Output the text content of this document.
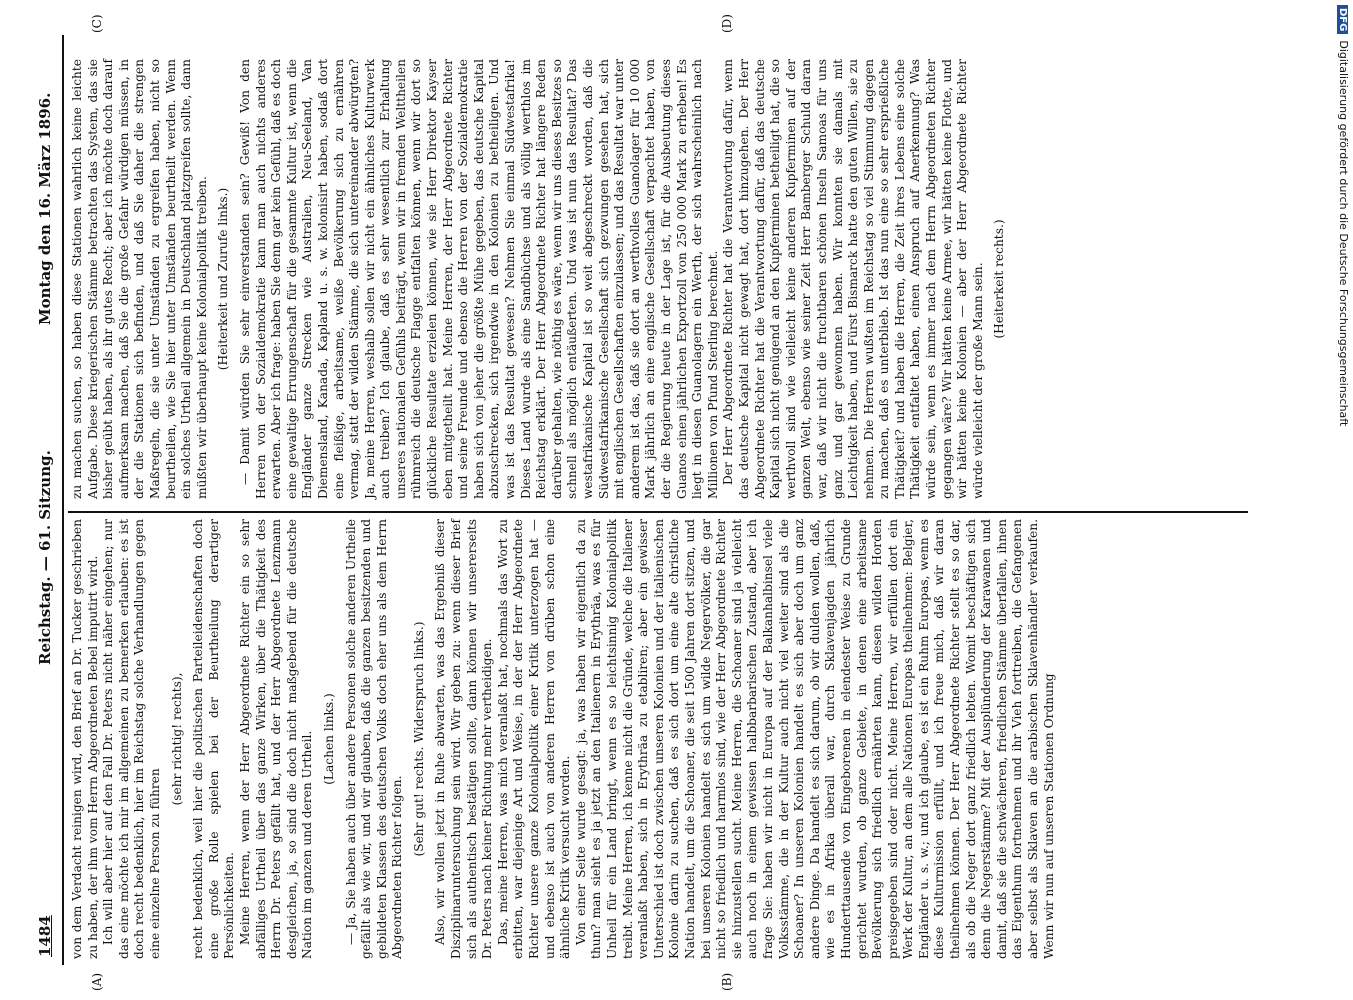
1484
Reichstag. — 61. Sitzung.
Montag den 16. März 1896.

von dem Verdacht reinigen wird, den Brief an Dr. Tucker geschrieben zu haben, der ihm vom Herrn Abgeordneten Bebel imputirt wird. Ich will aber hier auf den Fall Dr. Peters nicht näher eingehen; nur das eine möchte ich mir im allgemeinen zu bemerken erlauben: es ist doch recht bedenklich, hier im Reichstag solche Verhandlungen gegen eine einzelne Person zu führen

(sehr richtig! rechts), recht bedenklich, weil hier die politischen Parteileidenschaften doch eine große Rolle spielen bei der Beurtheilung derartiger Persönlichkeiten. Meine Herren, wenn der Herr Abgeordnete Richter ein so sehr abfälliges Urtheil über das ganze Wirken, über die Thätigkeit des Herrn Dr. Peters gefällt hat, und der Herr Abgeordnete Lenzmann desgleichen, ja, so sind die doch nicht maßgebend für die deutsche Nation im ganzen und deren Urtheil. (Lachen links.) — Ja, Sie haben auch über andere Personen solche anderen Urtheile gefällt als wie wir, und wir glauben, daß die ganzen besitzenden und gebildeten Klassen des deutschen Volks doch eher uns als dem Herrn Abgeordneten Richter folgen.

(Sehr gut! rechts. Widerspruch links.) Also, wir wollen jetzt in Ruhe abwarten, was das Ergebniß dieser Disziplinaruntersuchung sein wird. Wir geben zu: wenn dieser Brief sich als authentisch bestätigen sollte, dann können wir unsererseits Dr. Peters nach keiner Richtung mehr vertheidigen. Das, meine Herren, was mich veranlaßt hat, nochmals das Wort zu erbitten, war diejenige Art und Weise, in der der Herr Abgeordnete Richter unsere ganze Kolonialpolitik einer Kritik unterzogen hat — und ebenso ist auch von anderen Herren von drüben schon eine ähnliche Kritik versucht worden. Von einer Seite wurde gesagt: ja, was haben wir eigentlich da zu thun? man sieht es ja jetzt an den Italienern in Erythräa, was es für Unheil für ein Land bringt, wenn es so leichtsinnig Kolonialpolitik treibt. Meine Herren, ich kenne nicht die Gründe, welche die Italiener veranlaßt haben, sich in Erythräa zu etabliren; aber ein gewisser Unterschied ist doch zwischen unseren Kolonien und der italienischen Kolonie darin zu suchen, daß es sich dort um eine alte christliche Nation handelt, um die Schoaner, die seit 1500 Jahren dort sitzen, und bei unseren Kolonien handelt es sich um wilde Negervölker, die gar nicht so friedlich und harmlos sind, wie der Herr Abgeordnete Richter sie hinzustellen sucht. Meine Herren, die Schoaner sind ja vielleicht auch noch in einem gewissen halbbarbarischen Zustand, aber ich frage Sie: haben wir nicht in Europa auf der Balkanhalbinsel viele Volksstämme, die in der Kultur auch nicht viel weiter sind als die Schoaner? In unseren Kolonien handelt es sich aber doch um ganz andere Dinge. Da handelt es sich darum, ob wir dulden wollen, daß, wie es in Afrika überall war, durch Sklavenjagden jährlich Hunderttausende von Eingeborenen in elendester Weise zu Grunde gerichtet wurden, ob ganze Gebiete, in denen eine arbeitsame Bevölkerung sich friedlich ernährten kann, diesen wilden Horden preisgegeben sind oder nicht. Meine Herren, wir erfüllen dort ein Werk der Kultur, an dem alle Nationen Europas theilnehmen: Belgier, Engländer u. s. w.; und ich glaube, es ist ein Ruhm Europas, wenn es diese Kulturmission erfüllt, und ich freue mich, daß wir daran theilnehmen können. Der Herr Abgeordnete Richter stellt es so dar, als ob die Neger dort ganz friedlich lebten. Womit beschäftigen sich denn die Negerstämme? Mit der Ausplünderung der Karawanen und damit, daß sie die schwächeren, friedlichen Stämme überfallen, ihnen das Eigenthum fortnehmen und ihr Vieh forttreiben, die Gefangenen aber selbst als Sklaven an die arabischen Sklavenhändler verkaufen. Wenn wir nun auf unseren Stationen Ordnung

zu machen suchen, so haben diese Stationen wahrlich keine leichte Aufgabe. Diese kriegerischen Stämme betrachten das System, das sie bisher geübt haben, als ihr gutes Recht; aber ich möchte doch darauf aufmerksam machen, daß Sie die große Gefahr würdigen müssen, in der die Stationen sich befinden, und daß Sie daher die strengen Maßregeln, die sie unter Umständen zu ergreifen haben, nicht so beurtheilen, wie Sie hier unter Umständen beurtheilt werden. Wenn ein solches Urtheil allgemein in Deutschland platzgreifen sollte, dann müßten wir überhaupt keine Kolonialpolitik treiben. (Heiterkeit und Zurufe links.) — Damit würden Sie sehr einverstanden sein? Gewiß! Von den Herren von der Sozialdemokratie kann man auch nichts anderes erwarten. Aber ich frage: haben Sie denn gar kein Gefühl, daß es doch eine gewaltige Errungenschaft für die gesammte Kultur ist, wenn die Engländer ganze Strecken wie Australien, Neu-Seeland, Van Diemensland, Kanada, Kapland u. s. w. kolonisirt haben, sodaß dort eine fleißige, arbeitsame, weiße Bevölkerung sich zu ernähren vermag, statt der wilden Stämme, die sich untereinander abwürgten? Ja, meine Herren, weshalb sollen wir nicht ein ähnliches Kulturwerk auch treiben? Ich glaube, daß es sehr wesentlich zur Erhaltung unseres nationalen Gefühls beiträgt, wenn wir in fremden Welttheilen rühmreich die deutsche Flagge entfalten können, wenn wir dort so glückliche Resultate erzielen können, wie sie Herr Direktor Kayser eben mitgetheilt hat. Meine Herren, der Herr Abgeordnete Richter und seine Freunde und ebenso die Herren von der Sozialdemokratie haben sich von jeher die größte Mühe gegeben, das deutsche Kapital abzuschrecken, sich irgendwie in den Kolonien zu betheiligen. Und was ist das Resultat gewesen? Nehmen Sie einmal Südwestafrika! Dieses Land wurde als eine Sandbüchse und als völlig werthlos im Reichstag erklärt. Der Herr Abgeordnete Richter hat längere Reden darüber gehalten, wie nöthig es wäre, wenn wir uns dieses Besitzes so schnell als möglich entäußerten. Und was ist nun das Resultat? Das westafrikanische Kapital ist so weit abgeschreckt worden, daß die Südwestafrikanische Gesellschaft sich gezwungen gesehen hat, sich mit englischen Gesellschaften einzulassen; und das Resultat war unter anderem ist das, daß sie dort an werthvolles Guanolager für 10 000 Mark jährlich an eine englische Gesellschaft verpachtet haben, von der die Regierung heute in der Lage ist, für die Ausbeutung dieses Guanos einen jährlichen Exportzoll von 250 000 Mark zu erheben! Es liegt in diesen Guanolagern ein Werth, der sich wahrscheinlich nach Millionen von Pfund Sterling berechnet. Der Herr Abgeordnete Richter hat die Verantwortung dafür, wenn das deutsche Kapital nicht gewagt hat, dort hinzugehen. Der Herr Abgeordnete Richter hat die Verantwortung dafür, daß das deutsche Kapital sich nicht genügend an den Kupferminen betheiligt hat, die so werthvoll sind wie vielleicht keine anderen Kupferminen auf der ganzen Welt, ebenso wie seiner Zeit Herr Bamberger Schuld daran war, daß wir nicht die fruchtbaren schönen Inseln Samoas für uns ganz und gar gewonnen haben. Wir konnten sie damals mit Leichtigkeit haben, und Fürst Bismarck hatte den guten Willen, sie zu nehmen. Die Herren wußten im Reichstag so viel Stimmung dagegen zu machen, daß es unterblieb. Ist das nun eine so sehr ersprießliche Thätigkeit? und haben die Herren, die Zeit ihres Lebens eine solche Thätigkeit entfaltet haben, einen Anspruch auf Anerkennung? Was würde sein, wenn es immer nach dem Herrn Abgeordneten Richter gegangen wäre? Wir hätten keine Armee, wir hätten keine Flotte, und wir hätten keine Kolonien — aber der Herr Abgeordnete Richter würde vielleicht der große Mann sein. (Heiterkeit rechts.)

(A)	(B)
(C)	(D)	DFGDigitalisierung gefördert durch die Deutsche Forschungsgemeinschaft
